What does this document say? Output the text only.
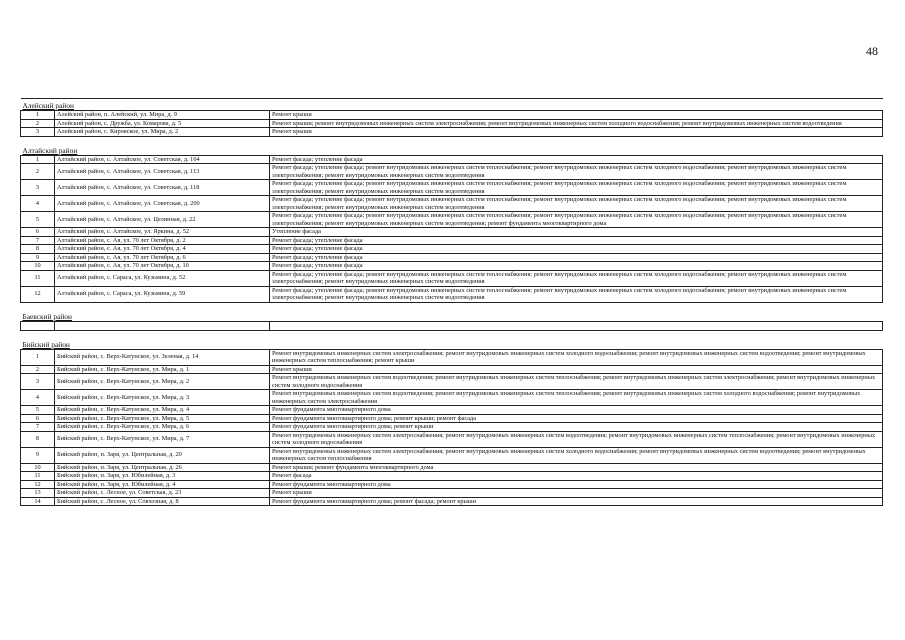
48
Алейский район		
1	Алейский район, п. Алейский, ул. Мира, д. 9	Ремонт крыши
2	Алейский район, с. Дружба, ул. Комарова, д. 5	Ремонт крыши; ремонт внутридомовых инженерных систем электроснабжения; ремонт внутридомовых инженерных систем холодного водоснабжения; ремонт внутридомовых инженерных систем водоотведения
3	Алейский район, с. Кировское, ул. Мира, д. 2	Ремонт крыши
Алтайский район		
1	Алтайский район, с. Алтайское, ул. Советская, д. 104	Ремонт фасада; утепление фасада
2	Алтайский район, с. Алтайское, ул. Советская, д. 113	Ремонт фасада; утепление фасада; ремонт внутридомовых инженерных систем теплоснабжения; ремонт внутридомовых инженерных систем холодного водоснабжения; ремонт внутридомовых инженерных систем электроснабжения; ремонт внутридомовых инженерных систем водоотведения
3	Алтайский район, с. Алтайское, ул. Советская, д. 118	Ремонт фасада; утепление фасада; ремонт внутридомовых инженерных систем теплоснабжения; ремонт внутридомовых инженерных систем холодного водоснабжения; ремонт внутридомовых инженерных систем электроснабжения; ремонт внутридомовых инженерных систем водоотведения
4	Алтайский район, с. Алтайское, ул. Советская, д. 200	Ремонт фасада; утепление фасада; ремонт внутридомовых инженерных систем теплоснабжения; ремонт внутридомовых инженерных систем холодного водоснабжения; ремонт внутридомовых инженерных систем электроснабжения; ремонт внутридомовых инженерных систем водоотведения
5	Алтайский район, с. Алтайское, ул. Целинная, д. 22	Ремонт фасада; утепление фасада; ремонт внутридомовых инженерных систем теплоснабжения; ремонт внутридомовых инженерных систем холодного водоснабжения; ремонт внутридомовых инженерных систем электроснабжения; ремонт внутридомовых инженерных систем водоотведения; ремонт фундамента многоквартирного дома
6	Алтайский район, с. Алтайское, ул. Яркина, д. 52	Утепление фасада
7	Алтайский район, с. Ая, ул. 70 лет Октября, д. 2	Ремонт фасада; утепление фасада
8	Алтайский район, с. Ая, ул. 70 лет Октября, д. 4	Ремонт фасада; утепление фасада
9	Алтайский район, с. Ая, ул. 70 лет Октября, д. 6	Ремонт фасада; утепление фасада
10	Алтайский район, с. Ая, ул. 70 лет Октября, д. 10	Ремонт фасада; утепление фасада
11	Алтайский район, с. Сараса, ул. Кузьмина, д. 52	Ремонт фасада; утепление фасада; ремонт внутридомовых инженерных систем теплоснабжения; ремонт внутридомовых инженерных систем холодного водоснабжения; ремонт внутридомовых инженерных систем электроснабжения; ремонт внутридомовых инженерных систем водоотведения
12	Алтайский район, с. Сараса, ул. Кузьмина, д. 59	Ремонт фасада; утепление фасада; ремонт внутридомовых инженерных систем теплоснабжения; ремонт внутридомовых инженерных систем холодного водоснабжения; ремонт внутридомовых инженерных систем электроснабжения; ремонт внутридомовых инженерных систем водоотведения
Баевский район		

Бийский район		
1	Бийский район, с. Верх-Катунское, ул. Зеленая, д. 14	Ремонт внутридомовых инженерных систем электроснабжения; ремонт внутридомовых инженерных систем холодного водоснабжения; ремонт внутридомовых инженерных систем водоотведения; ремонт внутридомовых инженерных систем теплоснабжения; ремонт крыши
2	Бийский район, с. Верх-Катунское, ул. Мира, д. 1	Ремонт крыши
3	Бийский район, с. Верх-Катунское, ул. Мира, д. 2	Ремонт внутридомовых инженерных систем водоотведения; ремонт внутридомовых инженерных систем теплоснабжения; ремонт внутридомовых инженерных систем электроснабжения; ремонт внутридомовых инженерных систем холодного водоснабжения
4	Бийский район, с. Верх-Катунское, ул. Мира, д. 3	Ремонт внутридомовых инженерных систем водоотведения; ремонт внутридомовых инженерных систем теплоснабжения; ремонт внутридомовых инженерных систем холодного водоснабжения; ремонт внутридомовых инженерных систем электроснабжения
5	Бийский район, с. Верх-Катунское, ул. Мира, д. 4	Ремонт фундамента многоквартирного дома
6	Бийский район, с. Верх-Катунское, ул. Мира, д. 5	Ремонт фундамента многоквартирного дома; ремонт крыши; ремонт фасада
7	Бийский район, с. Верх-Катунское, ул. Мира, д. 6	Ремонт фундамента многоквартирного дома; ремонт крыши
8	Бийский район, с. Верх-Катунское, ул. Мира, д. 7	Ремонт внутридомовых инженерных систем электроснабжения; ремонт внутридомовых инженерных систем водоотведения; ремонт внутридомовых инженерных систем теплоснабжения; ремонт внутридомовых инженерных систем холодного водоснабжения
9	Бийский район, п. Заря, ул. Центральная, д. 20	Ремонт внутридомовых инженерных систем электроснабжения; ремонт внутридомовых инженерных систем холодного водоснабжения; ремонт внутридомовых инженерных систем водоотведения; ремонт внутридомовых инженерных систем теплоснабжения
10	Бийский район, п. Заря, ул. Центральная, д. 26	Ремонт крыши; ремонт фундамента многоквартирного дома
11	Бийский район, п. Заря, ул. Юбилейная, д. 3	Ремонт фасада
12	Бийский район, п. Заря, ул. Юбилейная, д. 4	Ремонт фундамента многоквартирного дома
13	Бийский район, с. Лесное, ул. Советская, д. 23	Ремонт крыши
14	Бийский район, с. Лесное, ул. Совхозная, д. 8	Ремонт фундамента многоквартирного дома; ремонт фасада; ремонт крыши
